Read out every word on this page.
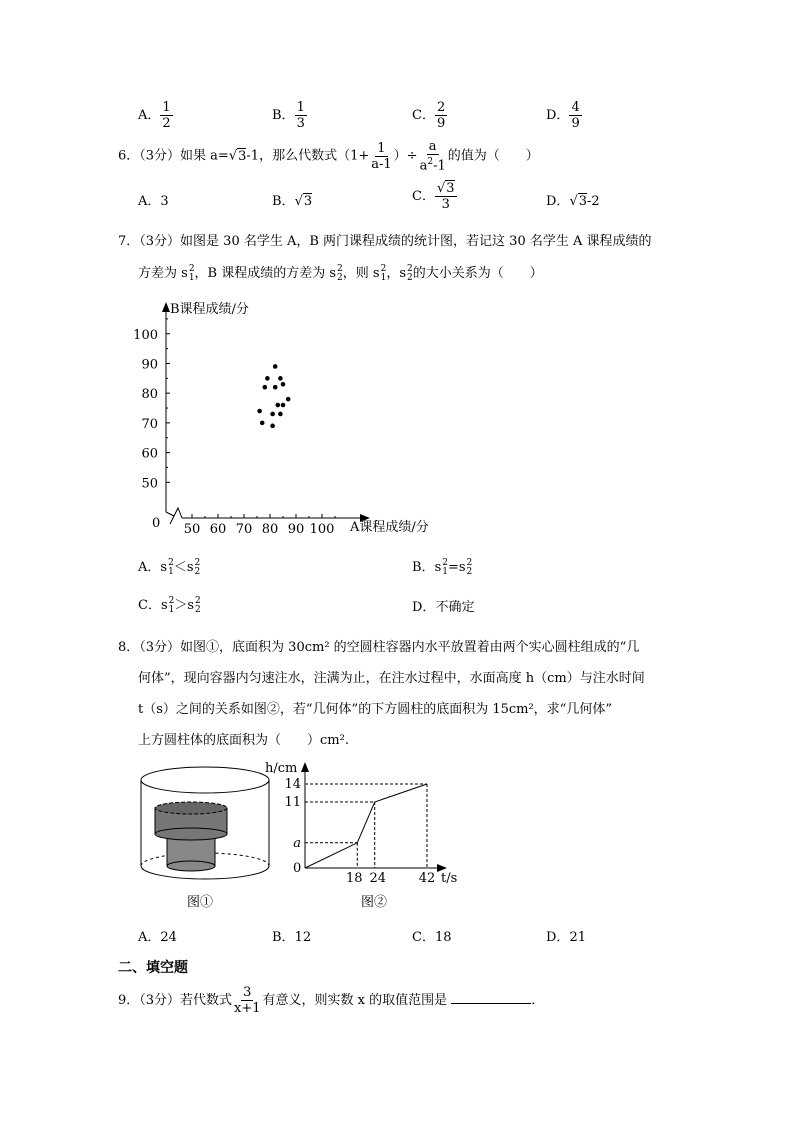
A． $\frac{1}{2}$	B． $\frac{1}{3}$	C． $\frac{2}{9}$	D． $\frac{4}{9}$
6．（3分）如果 a=√3-1，那么代数式（$1+ \frac{1}{a-1}$ ）÷ $\frac{a}{a^2-1}$ 的值为（　　）
A．3	B．√3	C． $\frac{√3}{3}$	D．√3-2
7．（3分）如图是 30 名学生 A，B 两门课程成绩的统计图，若记这 30 名学生 A 课程成绩的
方差为 s 2
1 ，B 课程成绩的方差为 s 2
2 ，则 s 2
1 ，s 2
2 的大小关系为（　　）
B课程成绩/分
A课程成绩/分
0
50
60
70
80
90
100
50 60 70 80 90 100
A．s 2
1 ＜s 2
2	B．s 2
1 =s 2
2
C．s 2
1 ＞s 2
2	D．不确定
8．（3分）如图①，底面积为 30cm² 的空圆柱容器内水平放置着由两个实心圆柱组成的“几
何体”，现向容器内匀速注水，注满为止，在注水过程中，水面高度 h（cm）与注水时间
t（s）之间的关系如图②，若“几何体”的下方圆柱的底面积为 15cm²，求“几何体”
上方圆柱体的底面积为（　　）cm².
图①
h/cm
t/s
0
a
18
11
24
14
42
图②
A．24	B．12	C．18	D．21
二、填空题
9．（3分）若代数式 $\frac{3}{x+1}$ 有意义，则实数 x 的取值范围是	．
